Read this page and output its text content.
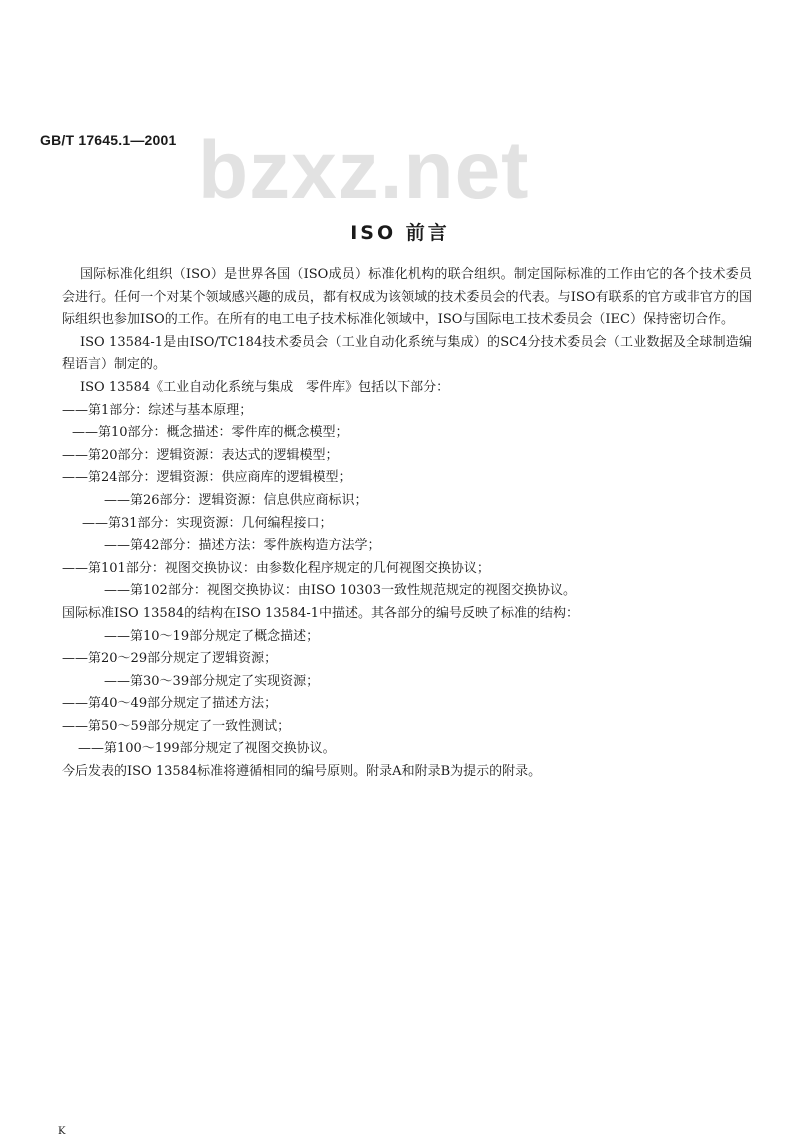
GB/T 17645.1—2001 bzxz.net
ISO 前言

国际标准化组织（ISO）是世界各国（ISO成员）标准化机构的联合组织。制定国际标准的工作由它的各个技术委员会进行。任何一个对某个领域感兴趣的成员，都有权成为该领域的技术委员会的代表。与ISO有联系的官方或非官方的国际组织也参加ISO的工作。在所有的电工电子技术标准化领域中，ISO与国际电工技术委员会（IEC）保持密切合作。

ISO 13584-1是由ISO/TC184技术委员会（工业自动化系统与集成）的SC4分技术委员会（工业数据及全球制造编程语言）制定的。

ISO 13584《工业自动化系统与集成　零件库》包括以下部分：

——第1部分：综述与基本原理；

——第10部分：概念描述：零件库的概念模型；

——第20部分：逻辑资源：表达式的逻辑模型；

——第24部分：逻辑资源：供应商库的逻辑模型；

——第26部分：逻辑资源：信息供应商标识；

——第31部分：实现资源：几何编程接口；

——第42部分：描述方法：零件族构造方法学；

——第101部分：视图交换协议：由参数化程序规定的几何视图交换协议；

——第102部分：视图交换协议：由ISO 10303一致性规范规定的视图交换协议。

国际标准ISO 13584的结构在ISO 13584-1中描述。其各部分的编号反映了标准的结构：

——第10～19部分规定了概念描述；

——第20～29部分规定了逻辑资源；

——第30～39部分规定了实现资源；

——第40～49部分规定了描述方法；

——第50～59部分规定了一致性测试；

——第100～199部分规定了视图交换协议。

今后发表的ISO 13584标准将遵循相同的编号原则。附录A和附录B为提示的附录。

K
